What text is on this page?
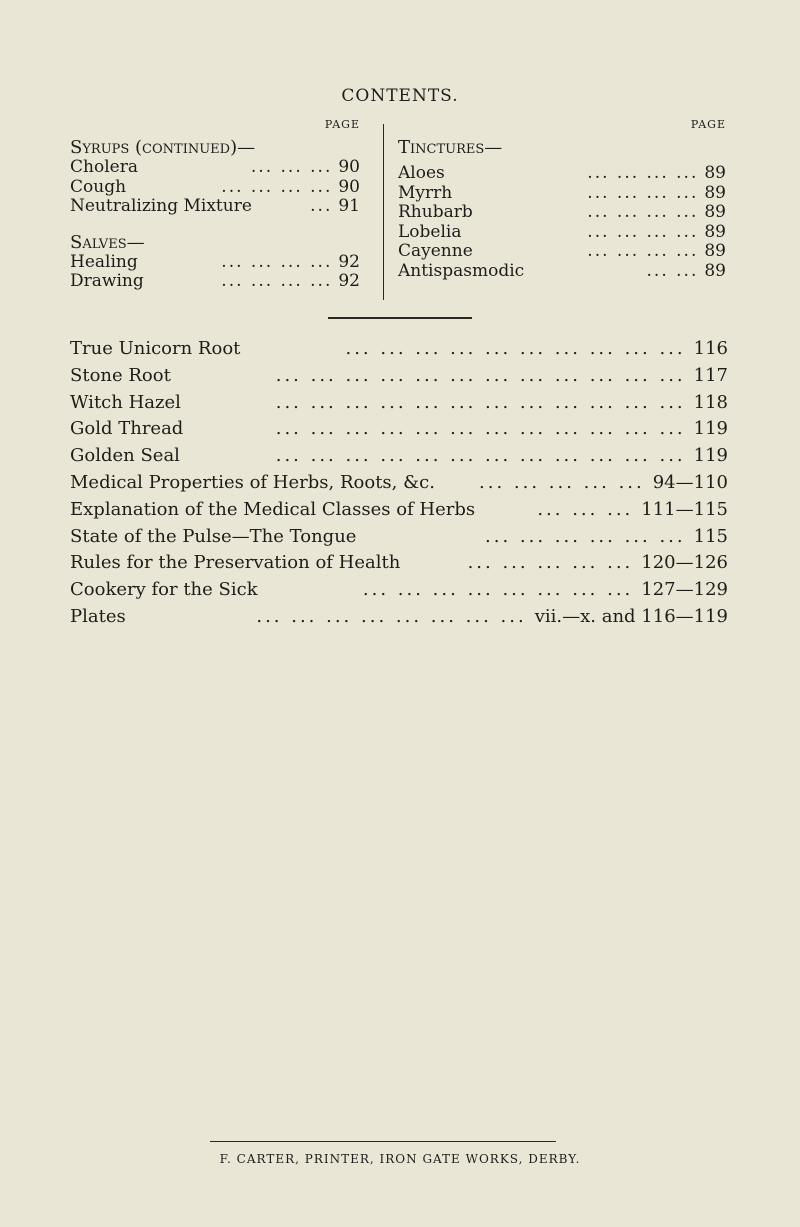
CONTENTS.
PAGE
Syrups (continued)—
Cholera	... ... ... 90
Cough	... ... ... ... 90
Neutralizing Mixture	... 91
Salves—
Healing	... ... ... ... 92
Drawing	... ... ... ... 92
PAGE
Tinctures—
Aloes	... ... ... ... 89
Myrrh	... ... ... ... 89
Rhubarb	... ... ... ... 89
Lobelia	... ... ... ... 89
Cayenne	... ... ... ... 89
Antispasmodic	... ... 89
True Unicorn Root	... ... ... ... ... ... ... ... ... ... 116
Stone Root	... ... ... ... ... ... ... ... ... ... ... ... 117
Witch Hazel	... ... ... ... ... ... ... ... ... ... ... ... 118
Gold Thread	... ... ... ... ... ... ... ... ... ... ... ... 119
Golden Seal	... ... ... ... ... ... ... ... ... ... ... ... 119
Medical Properties of Herbs, Roots, &c.	... ... ... ... ... 94—110
Explanation of the Medical Classes of Herbs	... ... ... 111—115
State of the Pulse—The Tongue	... ... ... ... ... ... 115
Rules for the Preservation of Health	... ... ... ... ... 120—126
Cookery for the Sick	... ... ... ... ... ... ... ... 127—129
Plates	... ... ... ... ... ... ... ... vii.—x. and 116—119
F. CARTER, PRINTER, IRON GATE WORKS, DERBY.
